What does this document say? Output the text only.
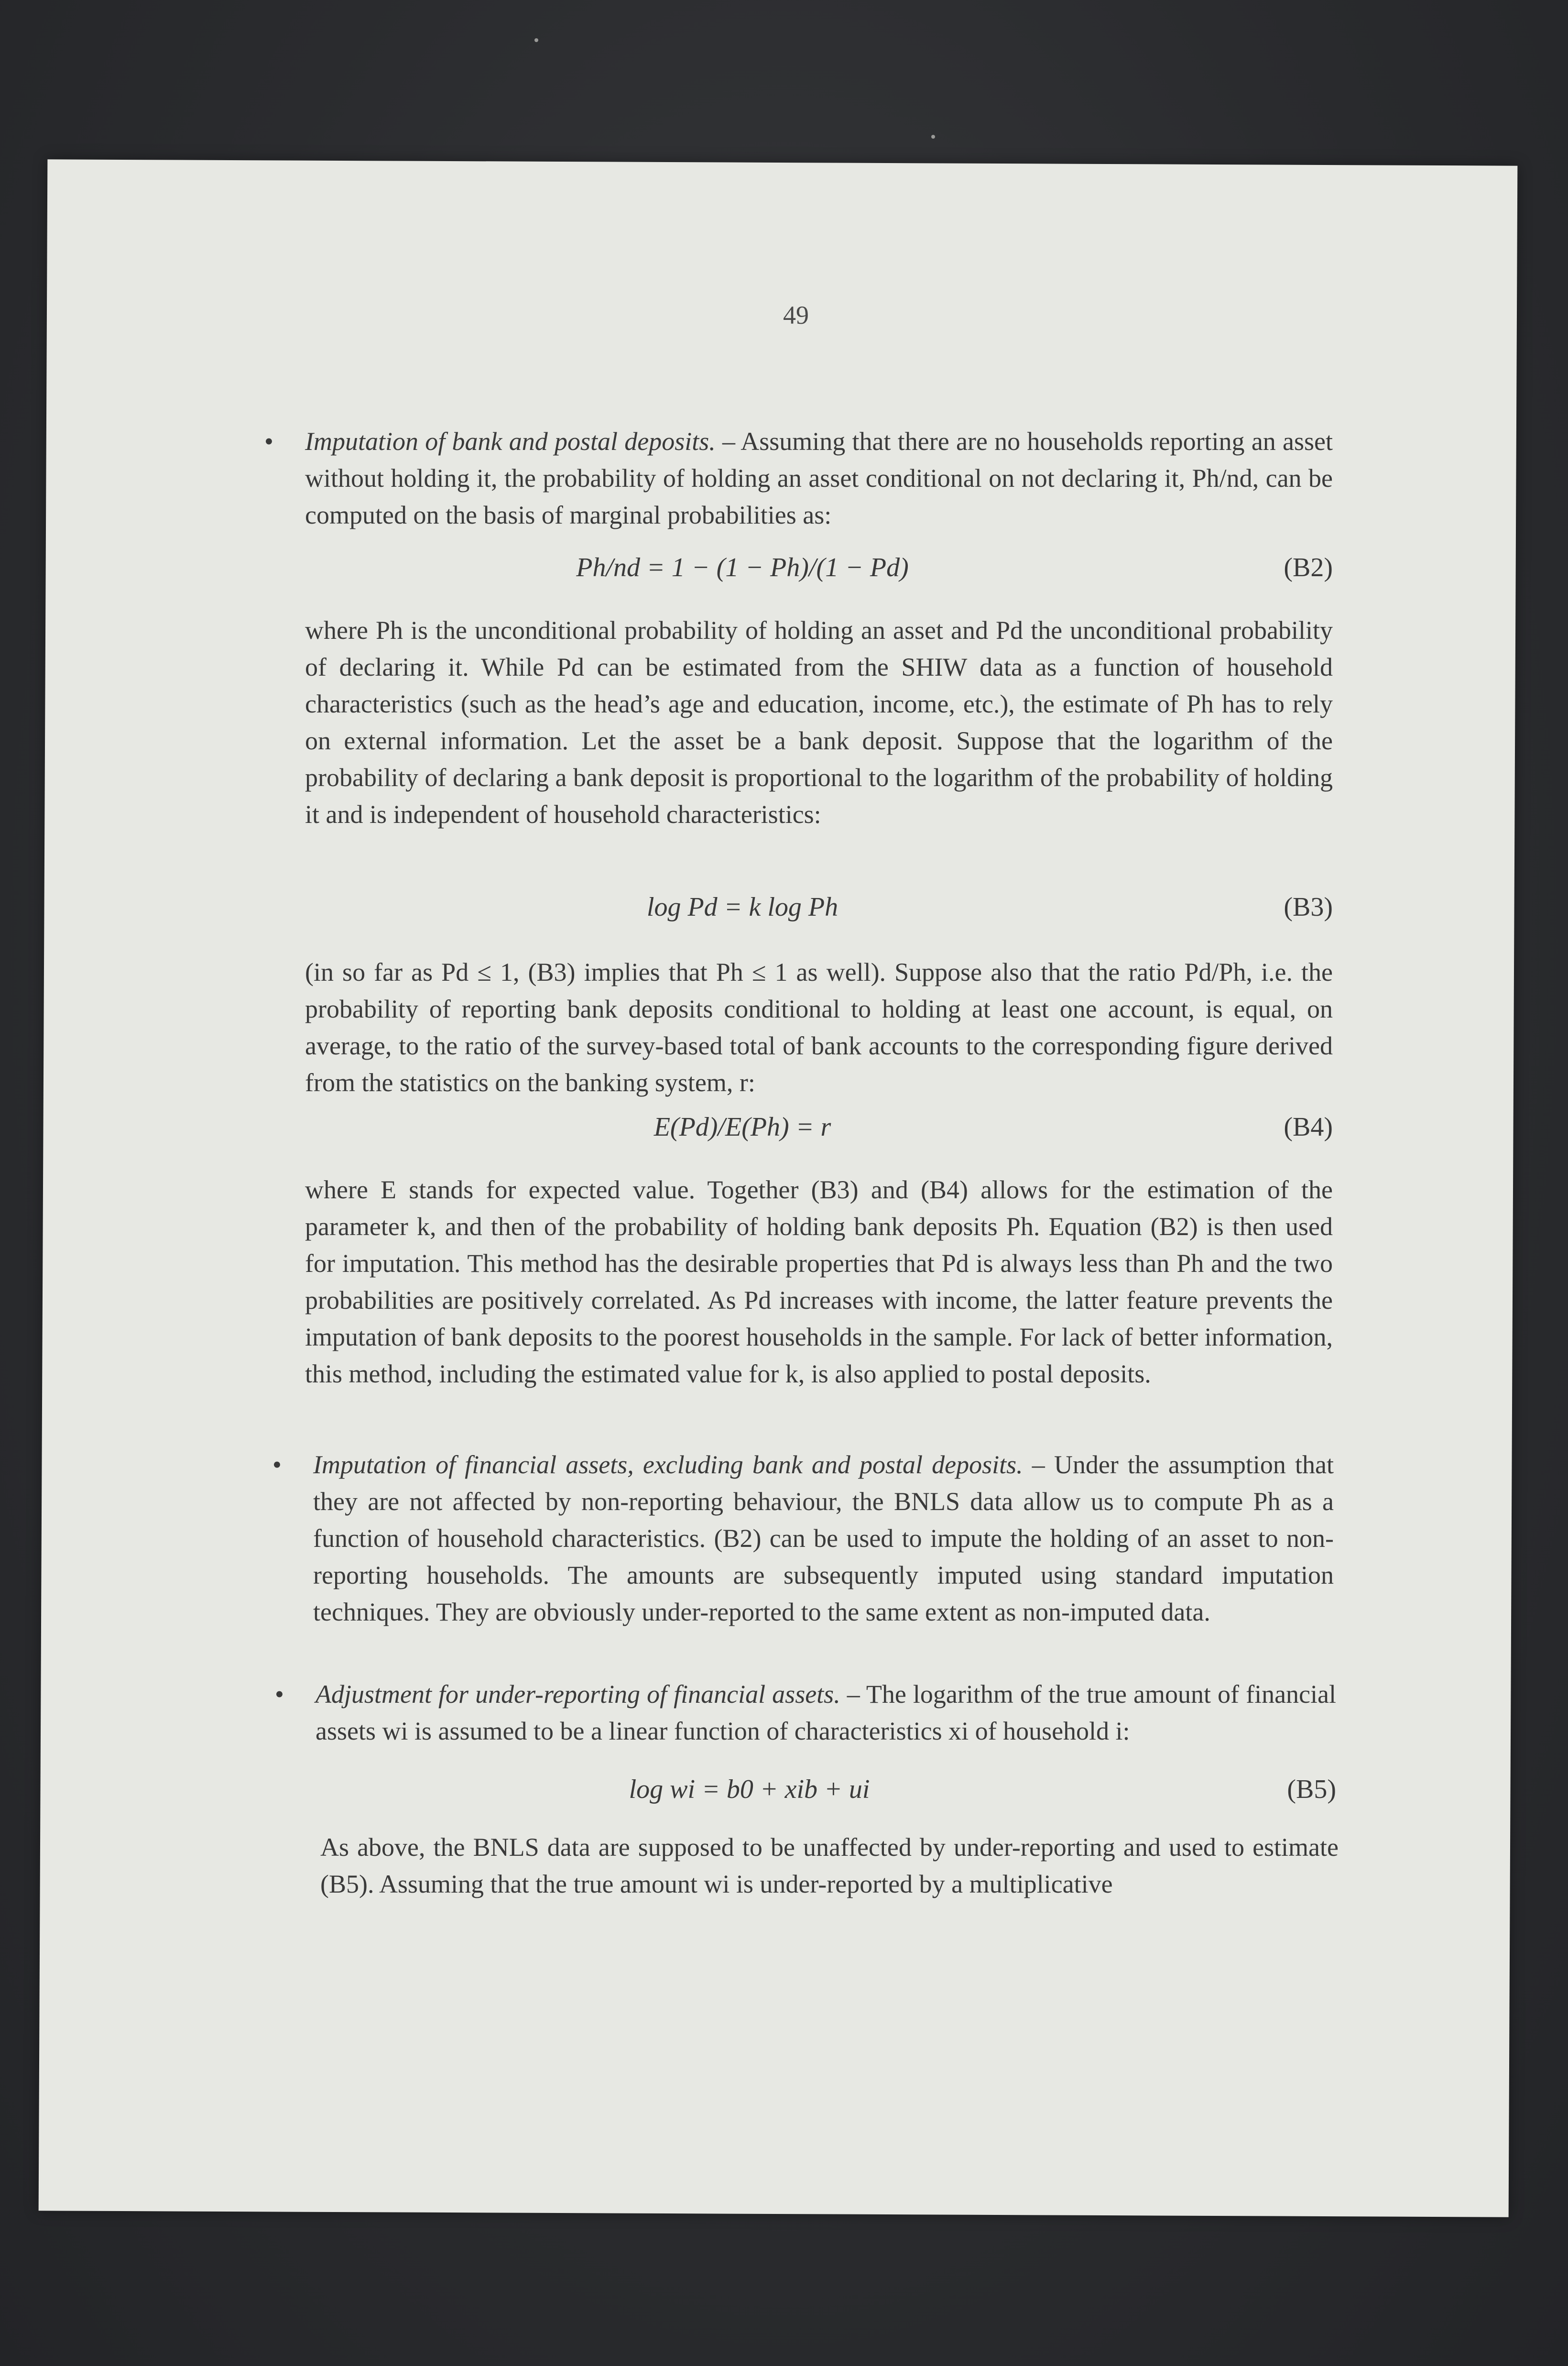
49
• Imputation of bank and postal deposits. – Assuming that there are no households reporting an asset without holding it, the probability of holding an asset conditional on not declaring it, Ph/nd, can be computed on the basis of marginal probabilities as:
Ph/nd = 1 − (1 − Ph)/(1 − Pd)	(B2)
where Ph is the unconditional probability of holding an asset and Pd the unconditional probability of declaring it. While Pd can be estimated from the SHIW data as a function of household characteristics (such as the head’s age and education, income, etc.), the estimate of Ph has to rely on external information. Let the asset be a bank deposit. Suppose that the logarithm of the probability of declaring a bank deposit is proportional to the logarithm of the probability of holding it and is independent of household characteristics:
log Pd = k log Ph	(B3)
(in so far as Pd ≤ 1, (B3) implies that Ph ≤ 1 as well). Suppose also that the ratio Pd/Ph, i.e. the probability of reporting bank deposits conditional to holding at least one account, is equal, on average, to the ratio of the survey-based total of bank accounts to the corresponding figure derived from the statistics on the banking system, r:
E(Pd)/E(Ph) = r	(B4)
where E stands for expected value. Together (B3) and (B4) allows for the estimation of the parameter k, and then of the probability of holding bank deposits Ph. Equation (B2) is then used for imputation. This method has the desirable properties that Pd is always less than Ph and the two probabilities are positively correlated. As Pd increases with income, the latter feature prevents the imputation of bank deposits to the poorest households in the sample. For lack of better information, this method, including the estimated value for k, is also applied to postal deposits.
• Imputation of financial assets, excluding bank and postal deposits. – Under the assumption that they are not affected by non-reporting behaviour, the BNLS data allow us to compute Ph as a function of household characteristics. (B2) can be used to impute the holding of an asset to non-reporting households. The amounts are subsequently imputed using standard imputation techniques. They are obviously under-reported to the same extent as non-imputed data.
• Adjustment for under-reporting of financial assets. – The logarithm of the true amount of financial assets wi is assumed to be a linear function of characteristics xi of household i:
log wi = b0 + xib + ui	(B5)
As above, the BNLS data are supposed to be unaffected by under-reporting and used to estimate (B5). Assuming that the true amount wi is under-reported by a multiplicative
